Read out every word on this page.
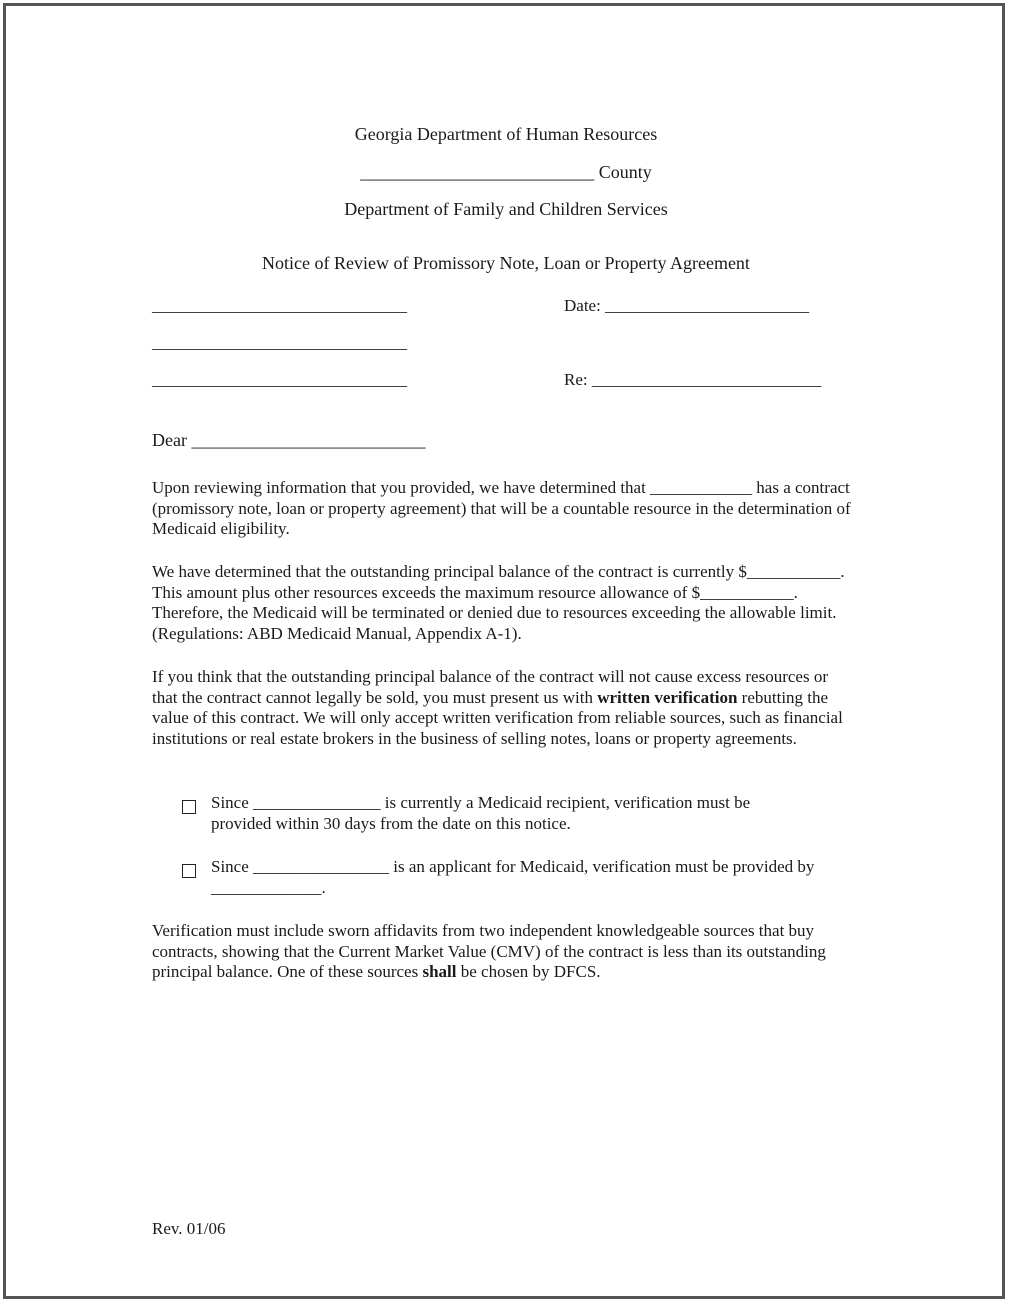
Georgia Department of Human Resources
__________________________ County
Department of Family and Children Services
Notice of Review of Promissory Note, Loan or Property Agreement
______________________________	Date: ________________________
______________________________
______________________________	Re: ___________________________
Dear __________________________
Upon reviewing information that you provided, we have determined that ____________ has a contract (promissory note, loan or property agreement) that will be a countable resource in the determination of Medicaid eligibility.
We have determined that the outstanding principal balance of the contract is currently $___________. This amount plus other resources exceeds the maximum resource allowance of $___________. Therefore, the Medicaid will be terminated or denied due to resources exceeding the allowable limit. (Regulations: ABD Medicaid Manual, Appendix A-1).
If you think that the outstanding principal balance of the contract will not cause excess resources or that the contract cannot legally be sold, you must present us with written verification rebutting the value of this contract. We will only accept written verification from reliable sources, such as financial institutions or real estate brokers in the business of selling notes, loans or property agreements.
Since _______________ is currently a Medicaid recipient, verification must be
provided within 30 days from the date on this notice.
Since ________________ is an applicant for Medicaid, verification must be provided by
_____________.
Verification must include sworn affidavits from two independent knowledgeable sources that buy contracts, showing that the Current Market Value (CMV) of the contract is less than its outstanding principal balance. One of these sources shall be chosen by DFCS.
Rev. 01/06
